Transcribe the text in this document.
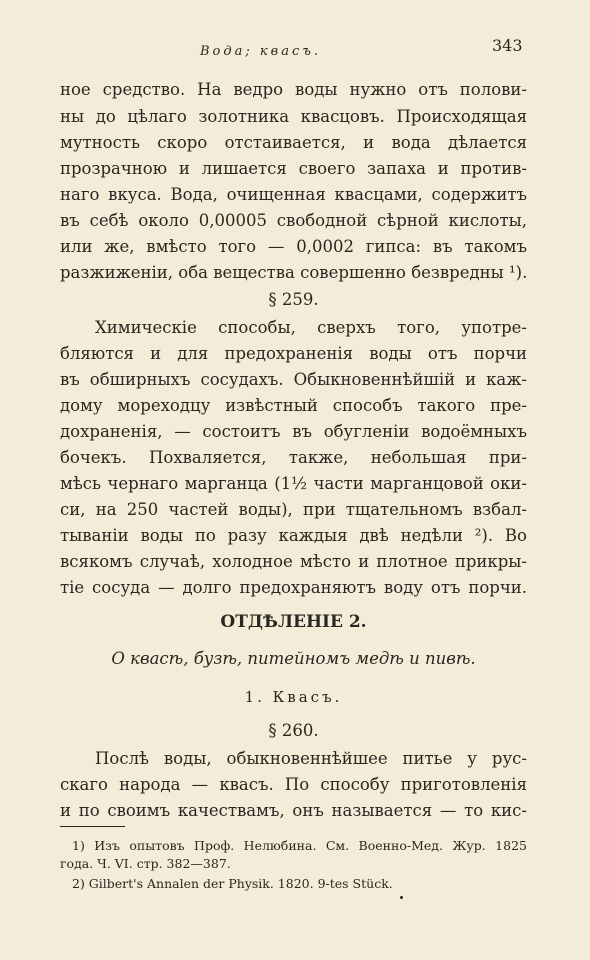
Вода; квасъ.	343
ное средство. На ведро воды нужно отъ полови-
ны до цѣлаго золотника квасцовъ. Происходящая
мутность скоро отстаивается, и вода дѣлается
прозрачною и лишается своего запаха и против-
наго вкуса. Вода, очищенная квасцами, содержитъ
въ себѣ около 0,00005 свободной сѣрной кислоты,
или же, вмѣсто того — 0,0002 гипса: въ такомъ
разжиженіи, оба вещества совершенно безвредны ¹).
§ 259.
Химическіе способы, сверхъ того, употре-
бляются и для предохраненія воды отъ порчи
въ обширныхъ сосудахъ. Обыкновеннѣйшій и каж-
дому мореходцу извѣстный способъ такого пре-
дохраненія, — состоитъ въ обугленіи водоёмныхъ
бочекъ. Похваляется, также, небольшая при-
мѣсь чернаго марганца (1½ части марганцовой оки-
си, на 250 частей воды), при тщательномъ взбал-
тываніи воды по разу каждыя двѣ недѣли ²). Во
всякомъ случаѣ, холодное мѣсто и плотное прикры-
тіе сосуда — долго предохраняютъ воду отъ порчи.
ОТДѢЛЕНІЕ 2.
О квасѣ, бузѣ, питейномъ медѣ и пивѣ.
1. Квасъ.
§ 260.
Послѣ воды, обыкновеннѣйшее питье у рус-
скаго народа — квасъ. По способу приготовленія
и по своимъ качествамъ, онъ называется — то кис-
1) Изъ опытовъ Проф. Нелюбина. См. Военно-Мед. Жур. 1825
года. Ч. VI. стр. 382—387.
2) Gilbert's Annalen der Physik. 1820. 9-tes Stück.
